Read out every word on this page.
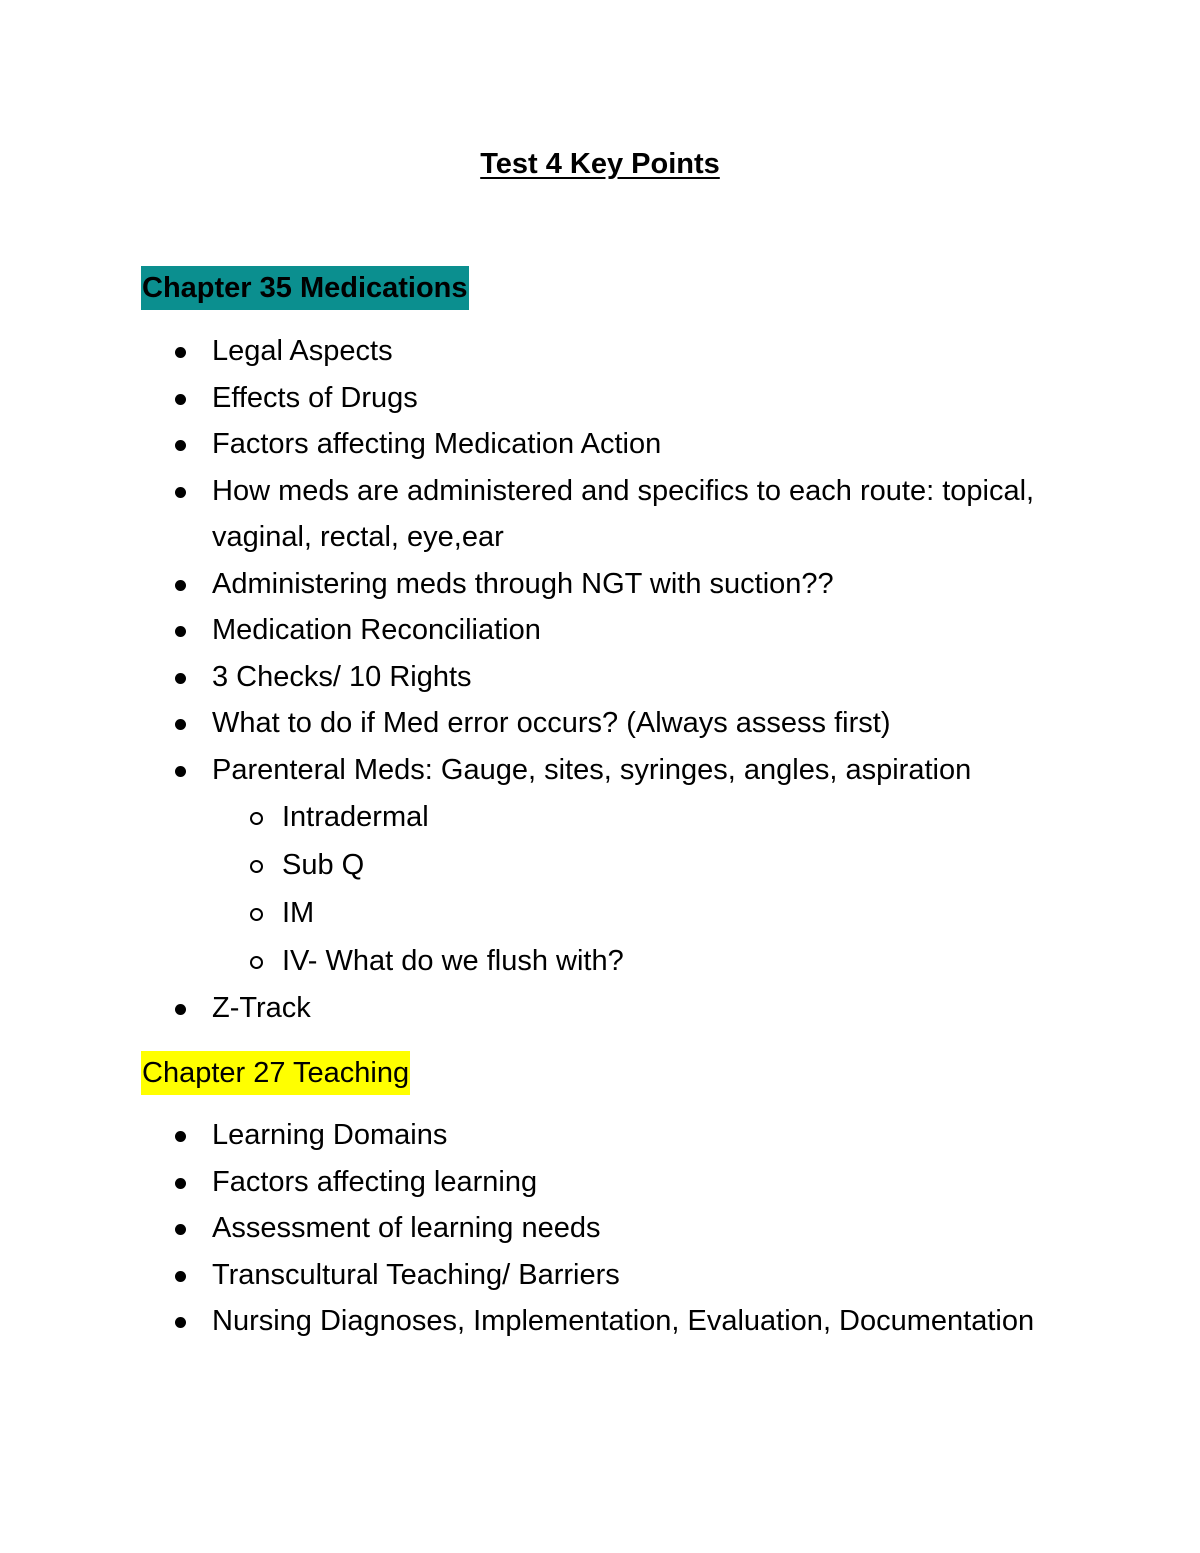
Test 4 Key Points
Chapter 35 Medications
Legal Aspects
Effects of Drugs
Factors affecting Medication Action
How meds are administered and specifics to each route: topical, vaginal, rectal, eye,ear
Administering meds through NGT with suction??
Medication Reconciliation
3 Checks/ 10 Rights
What to do if Med error occurs? (Always assess first)
Parenteral Meds: Gauge, sites, syringes, angles, aspiration
Intradermal
Sub Q
IM
IV- What do we flush with?
Z-Track
Chapter 27 Teaching
Learning Domains
Factors affecting learning
Assessment of learning needs
Transcultural Teaching/ Barriers
Nursing Diagnoses, Implementation, Evaluation, Documentation
